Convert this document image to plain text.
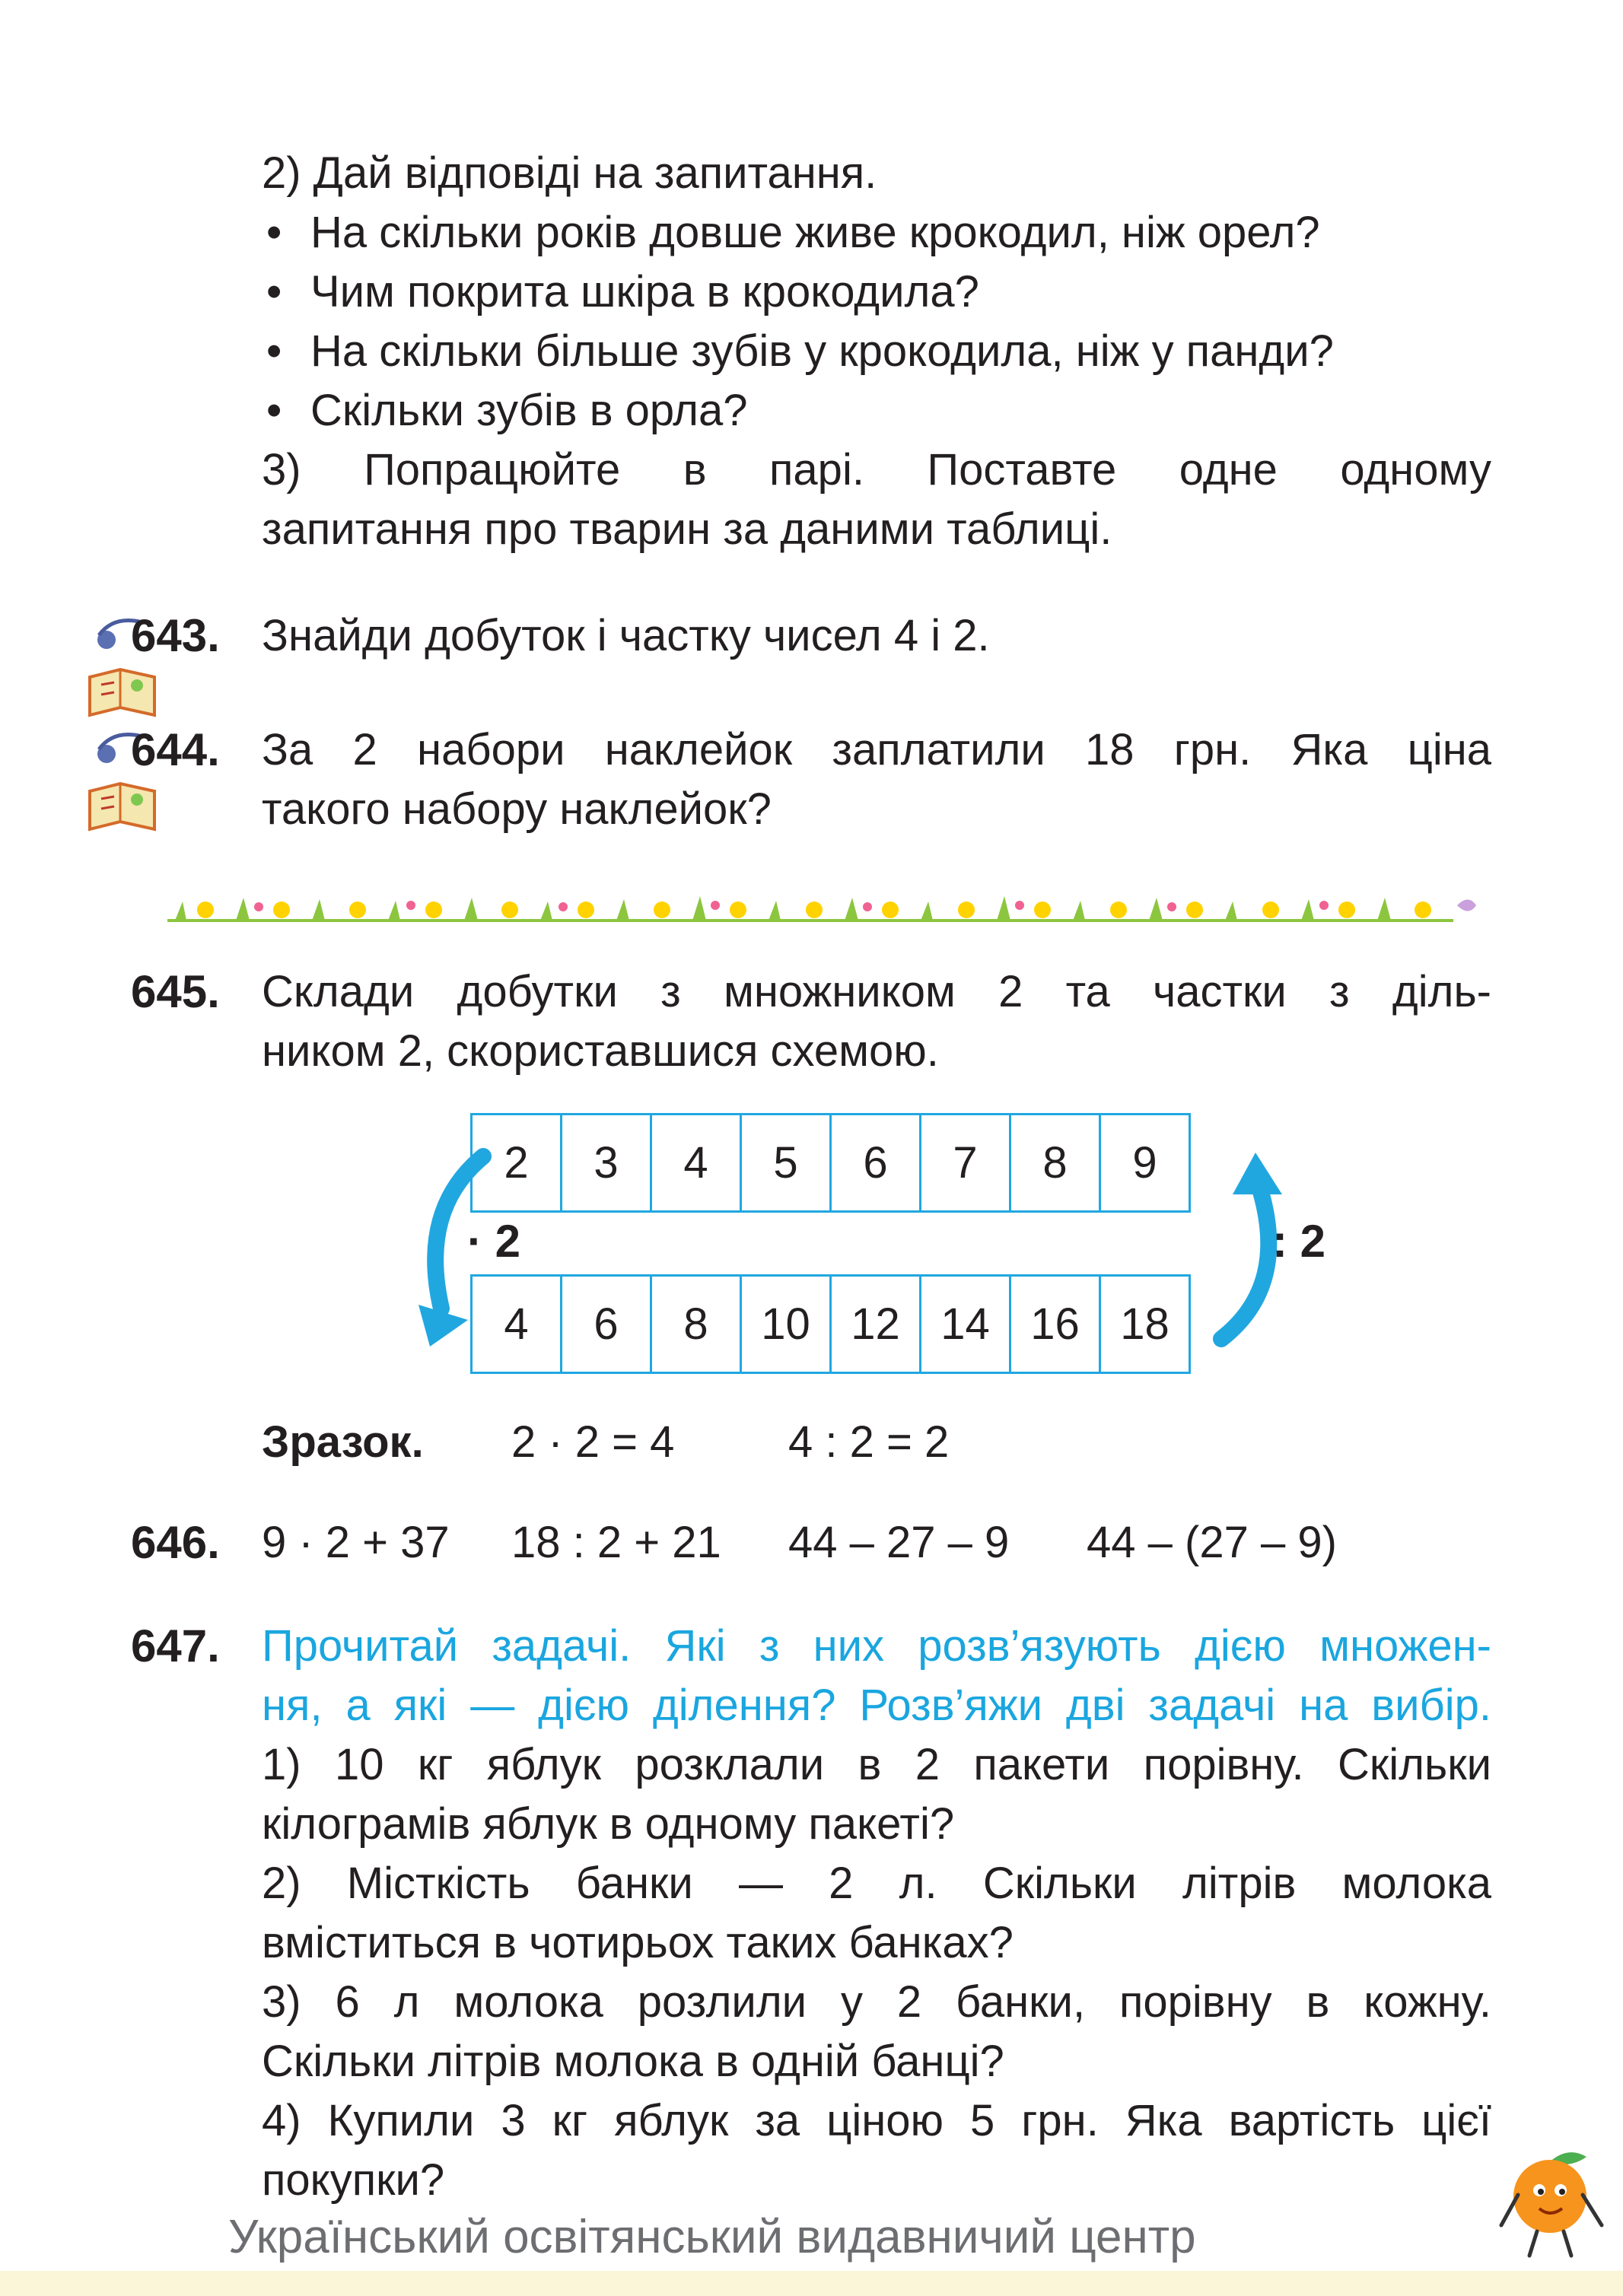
2) Дай відповіді на запитання.
• На скільки років довше живе крокодил, ніж орел?
• Чим покрита шкіра в крокодила?
• На скільки більше зубів у крокодила, ніж у панди?
• Скільки зубів в орла?
3) Попрацюйте в парі. Поставте одне одному
запитання про тварин за даними таблиці.
643. Знайди добуток і частку чисел 4 і 2.
644. За 2 набори наклейок заплатили 18 грн. Яка ціна
такого набору наклейок?
645. Склади добутки з множником 2 та частки з діль-
ником 2, скориставшися схемою.
2	3	4	5	6	7	8	9
4	6	8	10 12 14 16 18
· 2	: 2
Зразок. 2 · 2 = 4	4 : 2 = 2
646. 9 · 2 + 37 18 : 2 + 21 44 – 27 – 9 44 – (27 – 9)
647. Прочитай задачі. Які з них розв’язують дією множен-
ня, а які — дією ділення? Розв’яжи дві задачі на вибір.
1) 10 кг яблук розклали в 2 пакети порівну. Скільки
кілограмів яблук в одному пакеті?
2) Місткість банки — 2 л. Скільки літрів молока
вміститься в чотирьох таких банках?
3) 6 л молока розлили у 2 банки, порівну в кожну.
Скільки літрів молока в одній банці?
4) Купили 3 кг яблук за ціною 5 грн. Яка вартість цієї
покупки?
Український освітянський видавничий центр
